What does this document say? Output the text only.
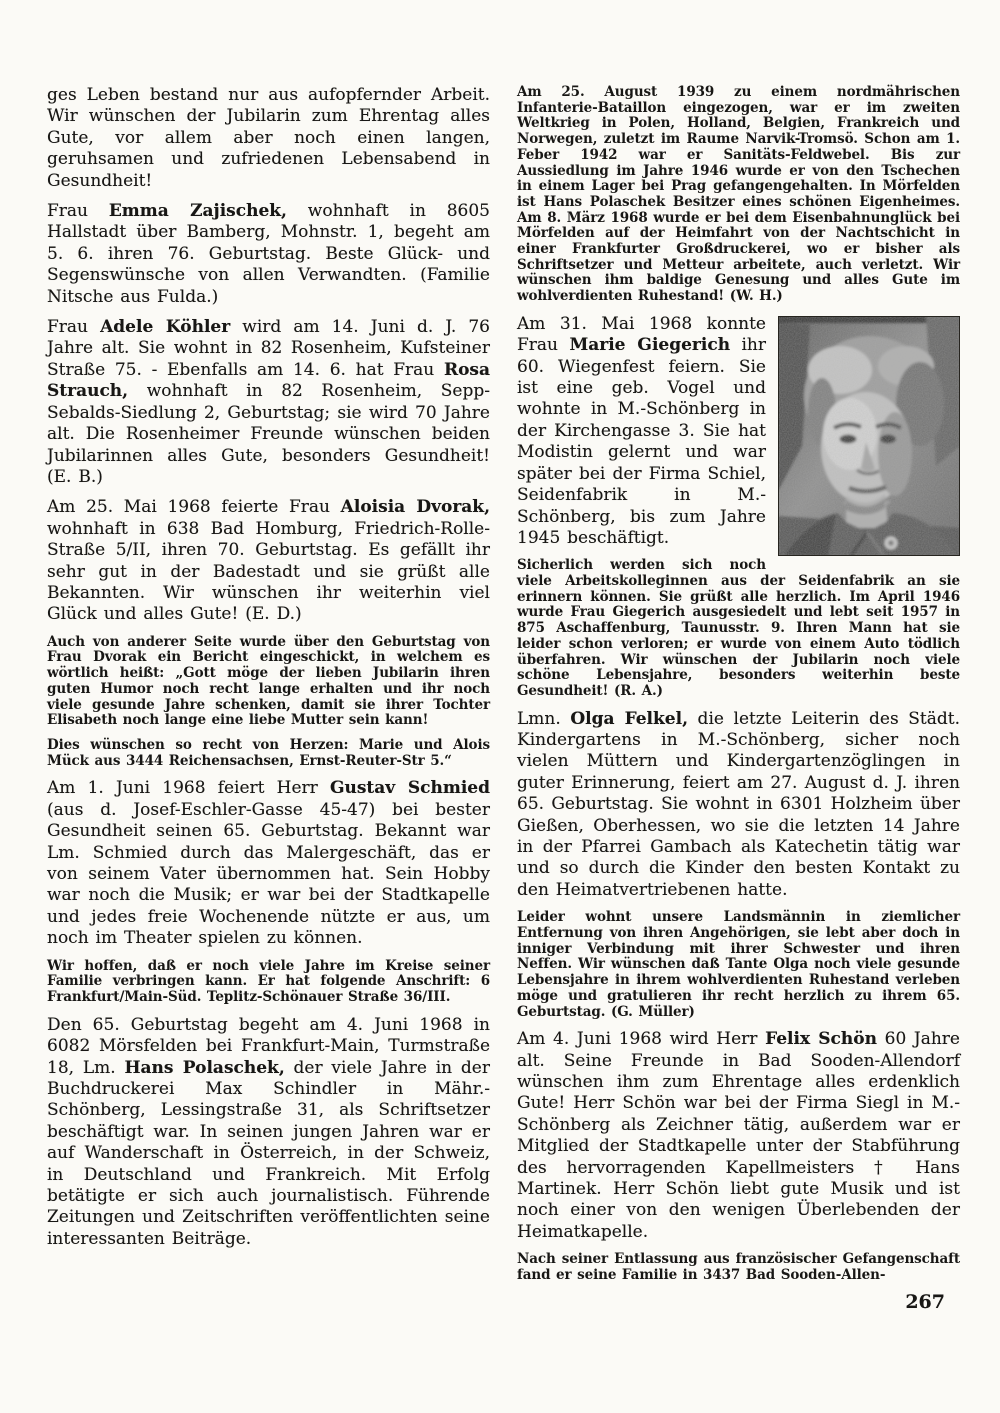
ges Leben bestand nur aus aufopfernder Arbeit. Wir wünschen der Jubilarin zum Ehrentag alles Gute, vor allem aber noch einen langen, geruhsamen und zufriedenen Lebensabend in Gesundheit!
Frau Emma Zajischek, wohnhaft in 8605 Hallstadt über Bamberg, Mohnstr. 1, begeht am 5. 6. ihren 76. Geburtstag. Beste Glück- und Segenswünsche von allen Verwandten. (Familie Nitsche aus Fulda.)
Frau Adele Köhler wird am 14. Juni d. J. 76 Jahre alt. Sie wohnt in 82 Rosenheim, Kufsteiner Straße 75. - Ebenfalls am 14. 6. hat Frau Rosa Strauch, wohnhaft in 82 Rosenheim, Sepp-Sebalds-Siedlung 2, Geburtstag; sie wird 70 Jahre alt. Die Rosenheimer Freunde wünschen beiden Jubilarinnen alles Gute, besonders Gesundheit! (E. B.)
Am 25. Mai 1968 feierte Frau Aloisia Dvorak, wohnhaft in 638 Bad Homburg, Friedrich-Rolle-Straße 5/II, ihren 70. Geburtstag. Es gefällt ihr sehr gut in der Badestadt und sie grüßt alle Bekannten. Wir wünschen ihr weiterhin viel Glück und alles Gute! (E. D.)
Auch von anderer Seite wurde über den Geburtstag von Frau Dvorak ein Bericht eingeschickt, in welchem es wörtlich heißt: „Gott möge der lieben Jubilarin ihren guten Humor noch recht lange erhalten und ihr noch viele gesunde Jahre schenken, damit sie ihrer Tochter Elisabeth noch lange eine liebe Mutter sein kann!
Dies wünschen so recht von Herzen: Marie und Alois Mück aus 3444 Reichensachsen, Ernst-Reuter-Str 5.“
Am 1. Juni 1968 feiert Herr Gustav Schmied (aus d. Josef-Eschler-Gasse 45-47) bei bester Gesundheit seinen 65. Geburtstag. Bekannt war Lm. Schmied durch das Malergeschäft, das er von seinem Vater übernommen hat. Sein Hobby war noch die Musik; er war bei der Stadtkapelle und jedes freie Wochenende nützte er aus, um noch im Theater spielen zu können.
Wir hoffen, daß er noch viele Jahre im Kreise seiner Familie verbringen kann. Er hat folgende Anschrift: 6 Frankfurt/Main-Süd. Teplitz-Schönauer Straße 36/III.
Den 65. Geburtstag begeht am 4. Juni 1968 in 6082 Mörsfelden bei Frankfurt-Main, Turmstraße 18, Lm. Hans Polaschek, der viele Jahre in der Buchdruckerei Max Schindler in Mähr.-Schönberg, Lessingstraße 31, als Schriftsetzer beschäftigt war. In seinen jungen Jahren war er auf Wanderschaft in Österreich, in der Schweiz, in Deutschland und Frankreich. Mit Erfolg betätigte er sich auch journalistisch. Führende Zeitungen und Zeitschriften veröffentlichten seine interessanten Beiträge.
Am 25. August 1939 zu einem nordmährischen Infanterie-Bataillon eingezogen, war er im zweiten Weltkrieg in Polen, Holland, Belgien, Frankreich und Norwegen, zuletzt im Raume Narvik-Tromsö. Schon am 1. Feber 1942 war er Sanitäts-Feldwebel. Bis zur Aussiedlung im Jahre 1946 wurde er von den Tschechen in einem Lager bei Prag gefangengehalten. In Mörfelden ist Hans Polaschek Besitzer eines schönen Eigenheimes. Am 8. März 1968 wurde er bei dem Eisenbahnunglück bei Mörfelden auf der Heimfahrt von der Nachtschicht in einer Frankfurter Großdruckerei, wo er bisher als Schriftsetzer und Metteur arbeitete, auch verletzt. Wir wünschen ihm baldige Genesung und alles Gute im wohlverdienten Ruhestand! (W. H.)
Am 31. Mai 1968 konnte Frau Marie Giegerich ihr 60. Wiegenfest feiern. Sie ist eine geb. Vogel und wohnte in M.-Schönberg in der Kirchengasse 3. Sie hat Modistin gelernt und war später bei der Firma Schiel, Seidenfabrik in M.-Schönberg, bis zum Jahre 1945 beschäftigt.
Sicherlich werden sich noch viele Arbeitskolleginnen aus der Seidenfabrik an sie erinnern können. Sie grüßt alle herzlich. Im April 1946 wurde Frau Giegerich ausgesiedelt und lebt seit 1957 in 875 Aschaffenburg, Taunusstr. 9. Ihren Mann hat sie leider schon verloren; er wurde von einem Auto tödlich überfahren. Wir wünschen der Jubilarin noch viele schöne Lebensjahre, besonders weiterhin beste Gesundheit! (R. A.)
Lmn. Olga Felkel, die letzte Leiterin des Städt. Kindergartens in M.-Schönberg, sicher noch vielen Müttern und Kindergartenzöglingen in guter Erinnerung, feiert am 27. August d. J. ihren 65. Geburtstag. Sie wohnt in 6301 Holzheim über Gießen, Oberhessen, wo sie die letzten 14 Jahre in der Pfarrei Gambach als Katechetin tätig war und so durch die Kinder den besten Kontakt zu den Heimatvertriebenen hatte.
Leider wohnt unsere Landsmännin in ziemlicher Entfernung von ihren Angehörigen, sie lebt aber doch in inniger Verbindung mit ihrer Schwester und ihren Neffen. Wir wünschen daß Tante Olga noch viele gesunde Lebensjahre in ihrem wohlverdienten Ruhestand verleben möge und gratulieren ihr recht herzlich zu ihrem 65. Geburtstag. (G. Müller)
Am 4. Juni 1968 wird Herr Felix Schön 60 Jahre alt. Seine Freunde in Bad Sooden-Allendorf wünschen ihm zum Ehrentage alles erdenklich Gute! Herr Schön war bei der Firma Siegl in M.-Schönberg als Zeichner tätig, außerdem war er Mitglied der Stadtkapelle unter der Stabführung des hervorragenden Kapellmeisters † Hans Martinek. Herr Schön liebt gute Musik und ist noch einer von den wenigen Überlebenden der Heimatkapelle.
Nach seiner Entlassung aus französischer Gefangenschaft fand er seine Familie in 3437 Bad Sooden-Allen-
267
